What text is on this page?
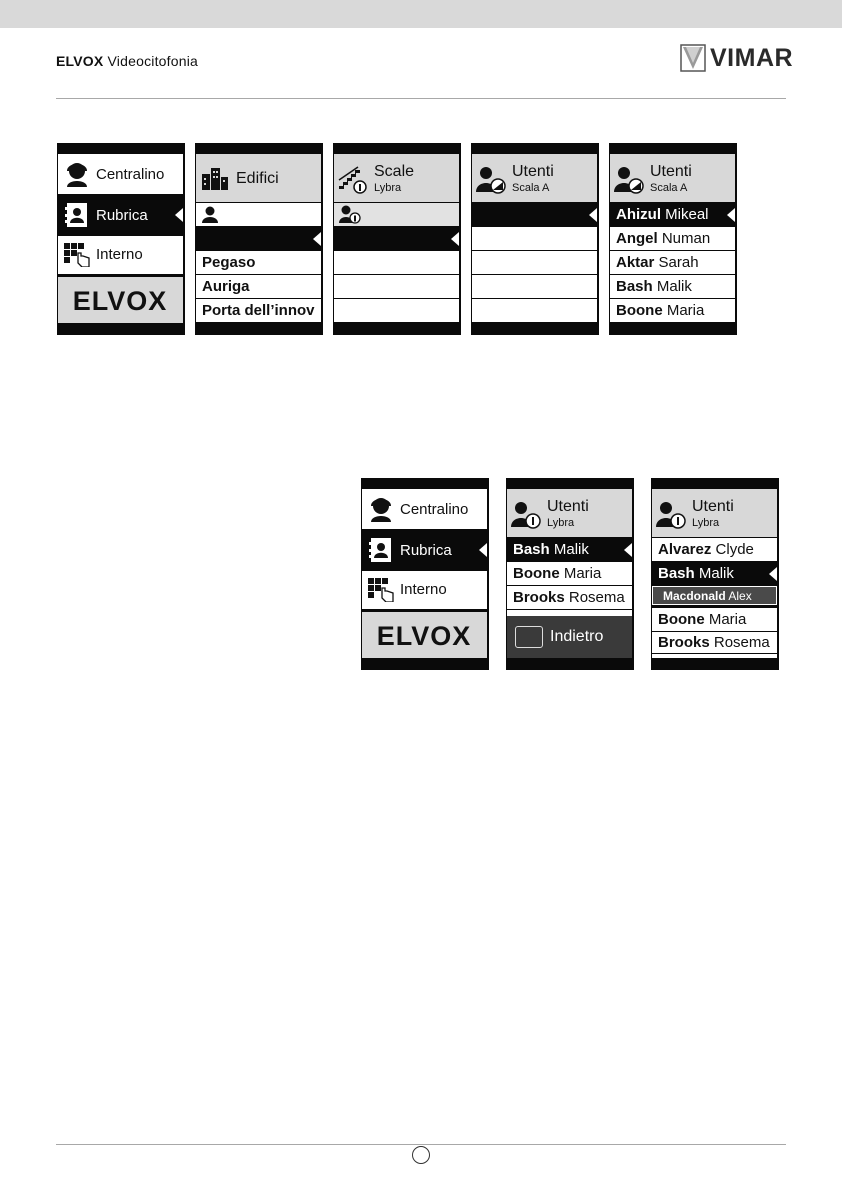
ELVOX Videocitofonia	VIMAR
Centralino
Rubrica
Interno
ELVOX
Edifici
Pegaso
Auriga
Porta dell’innov
Scale
Lybra
Utenti
Scala A
Utenti
Scala A
Ahizul Mikeal
Angel Numan
Aktar Sarah
Bash Malik
Boone Maria
Centralino
Rubrica
Interno
ELVOX
Utenti
Lybra
Bash Malik
Boone Maria
Brooks Rosema
Indietro
Utenti
Lybra
Alvarez Clyde
Bash Malik
Macdonald Alex
Boone Maria
Brooks Rosema
